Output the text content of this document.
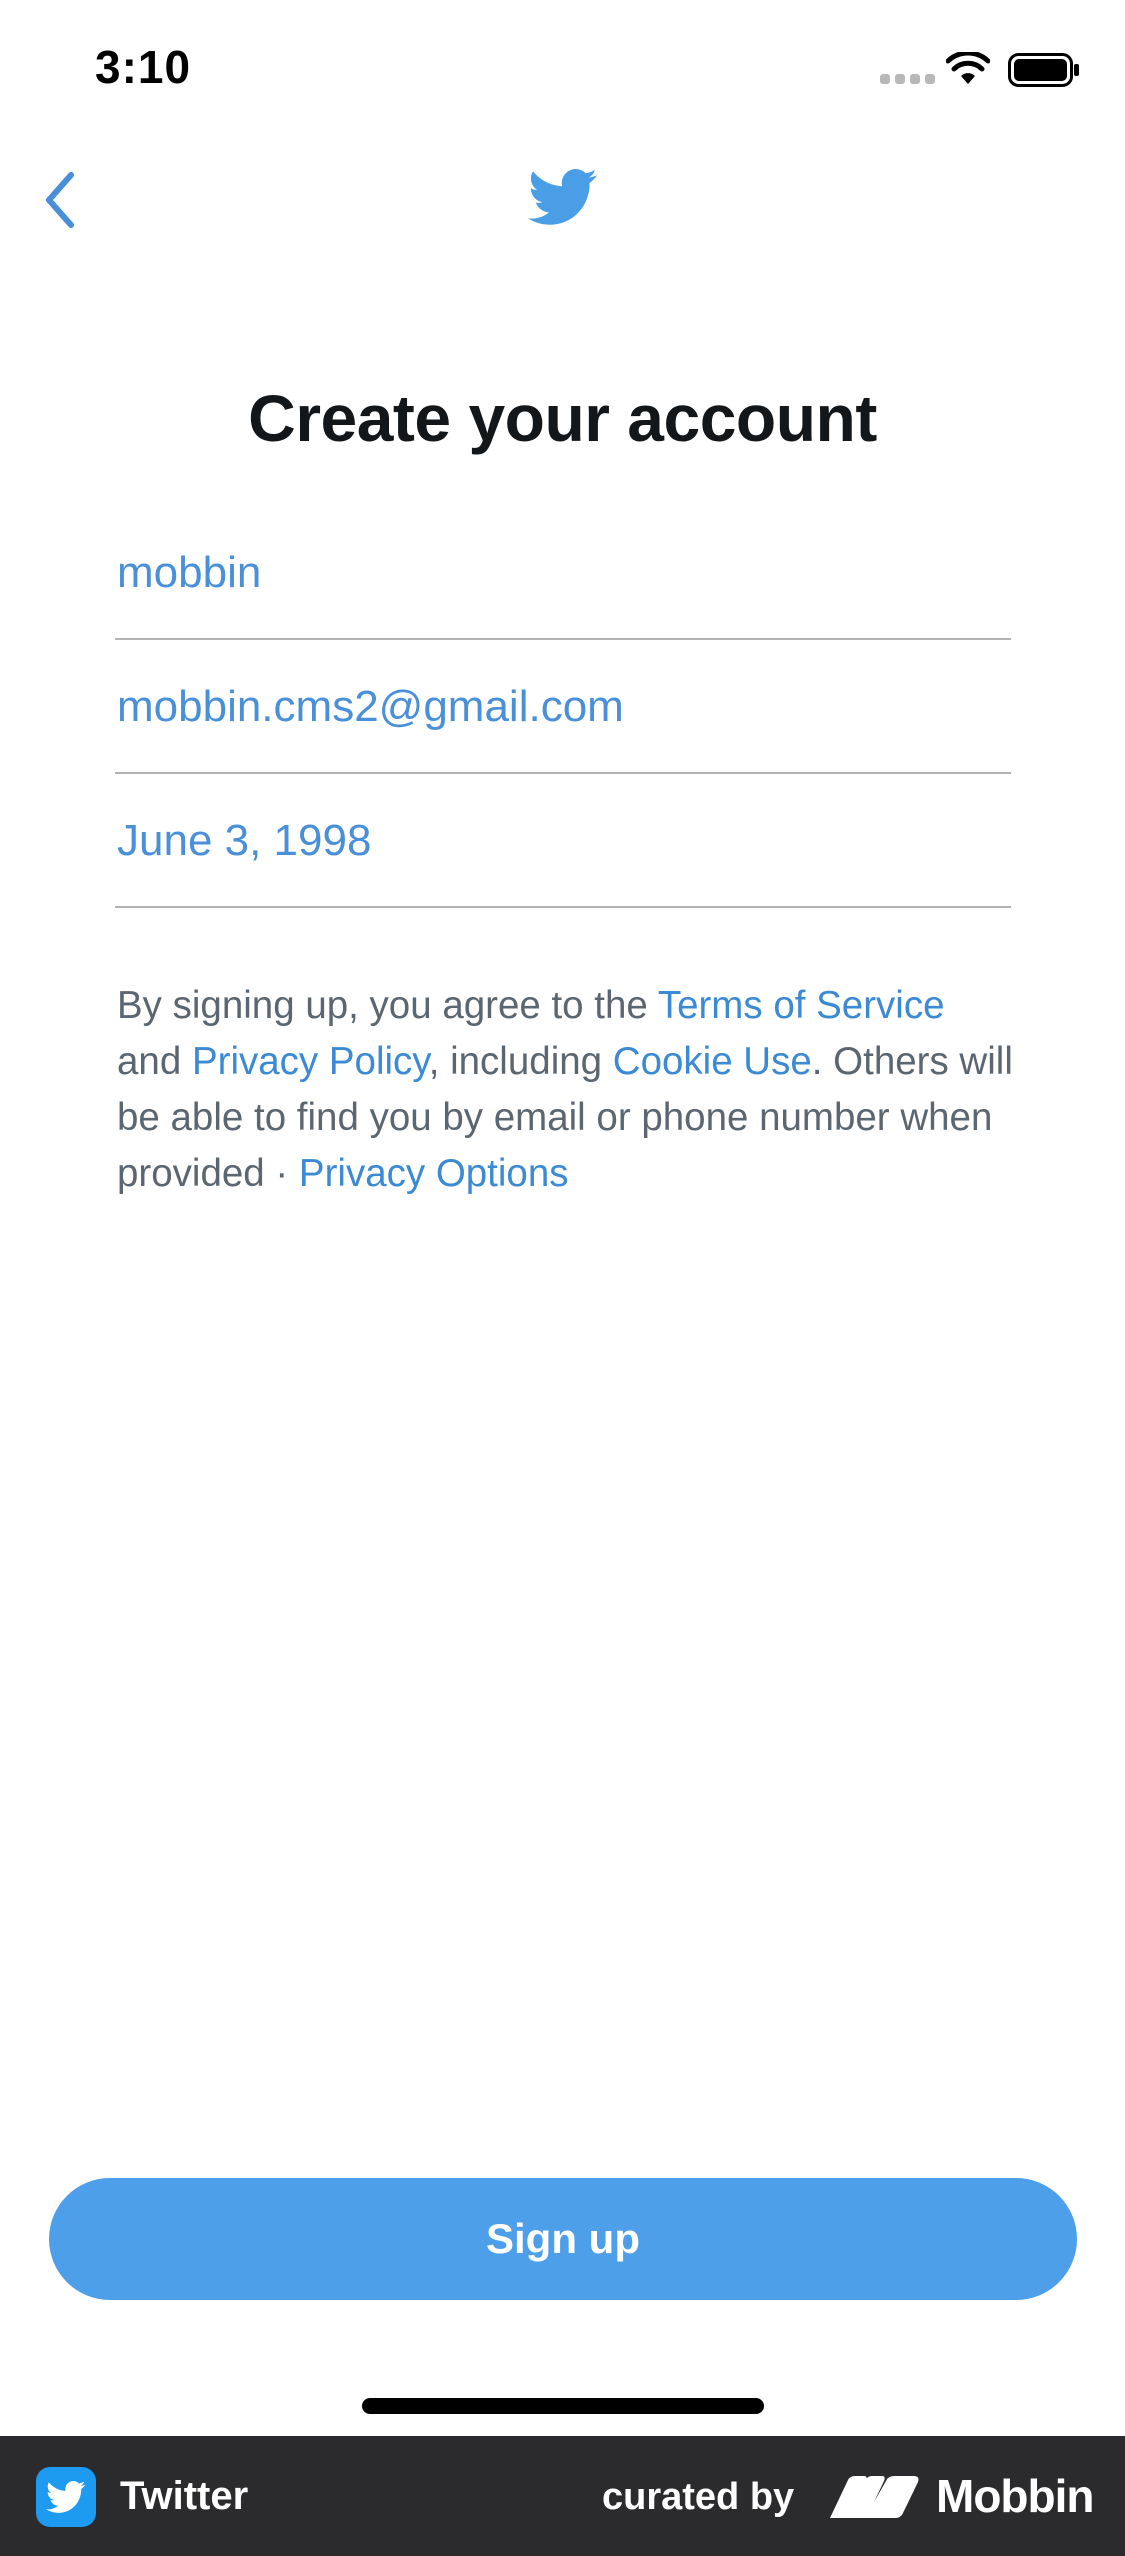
3:10
Create your account
mobbin
mobbin.cms2@gmail.com
June 3, 1998

By signing up, you agree to the Terms of Service and Privacy Policy, including Cookie Use. Others will be able to find you by email or phone number when provided · Privacy Options

Sign up
Twitter	curated by	Mobbin
